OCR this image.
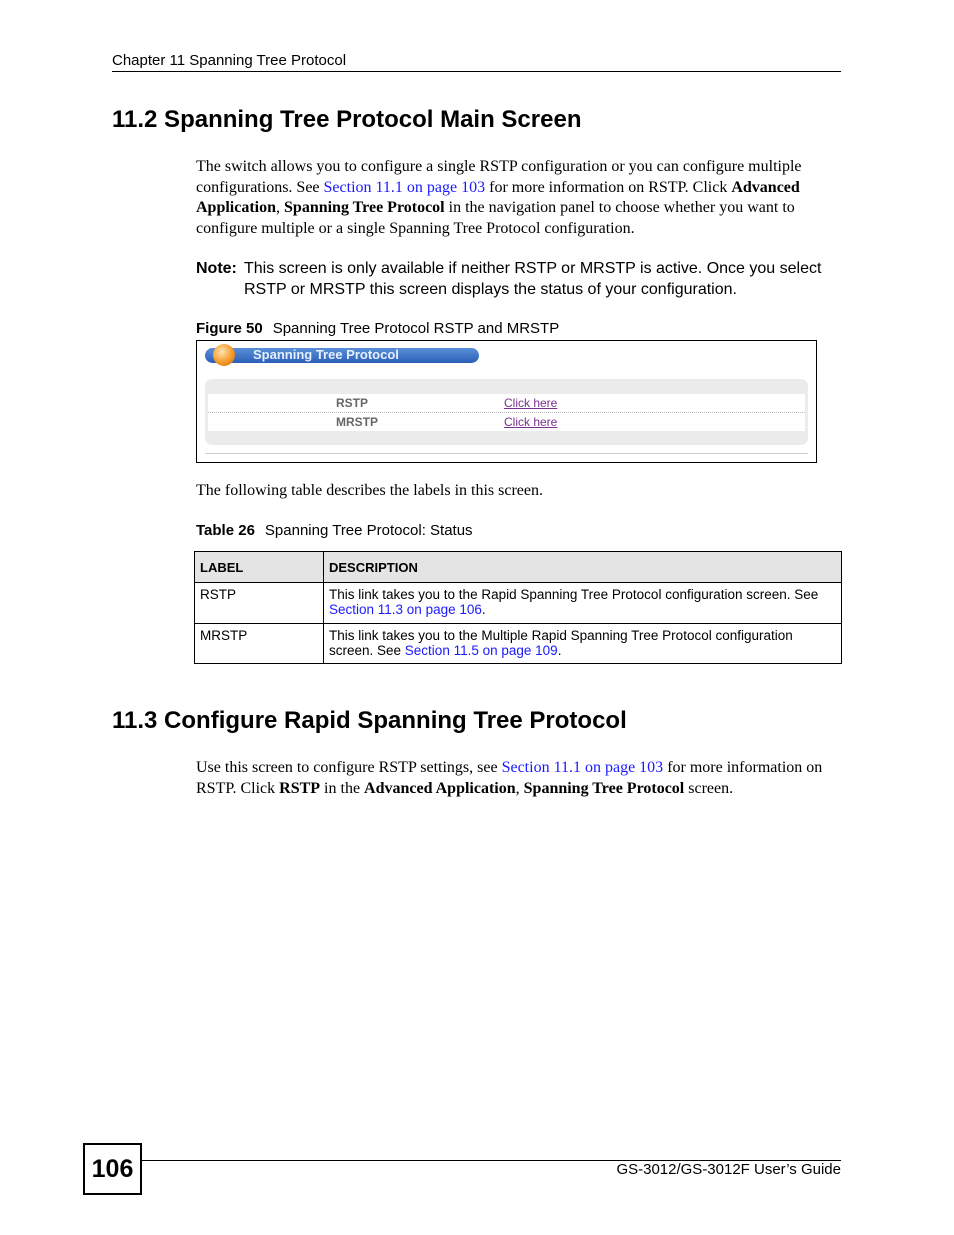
Chapter 11 Spanning Tree Protocol
11.2 Spanning Tree Protocol Main Screen

The switch allows you to configure a single RSTP configuration or you can configure multiple configurations. See Section 11.1 on page 103 for more information on RSTP. Click Advanced Application, Spanning Tree Protocol in the navigation panel to choose whether you want to configure multiple or a single Spanning Tree Protocol configuration.

Note: This screen is only available if neither RSTP or MRSTP is active. Once you select RSTP or MRSTP this screen displays the status of your configuration.
Figure 50 Spanning Tree Protocol RSTP and MRSTP
Spanning Tree Protocol
RSTP	Click here
MRSTP	Click here

The following table describes the labels in this screen.

Table 26 Spanning Tree Protocol: Status
LABEL	DESCRIPTION
RSTP	This link takes you to the Rapid Spanning Tree Protocol configuration screen. See Section 11.3 on page 106.
MRSTP	This link takes you to the Multiple Rapid Spanning Tree Protocol configuration screen. See Section 11.5 on page 109.
11.3 Configure Rapid Spanning Tree Protocol

Use this screen to configure RSTP settings, see Section 11.1 on page 103 for more information on RSTP. Click RSTP in the Advanced Application, Spanning Tree Protocol screen.

106	GS-3012/GS-3012F User’s Guide
